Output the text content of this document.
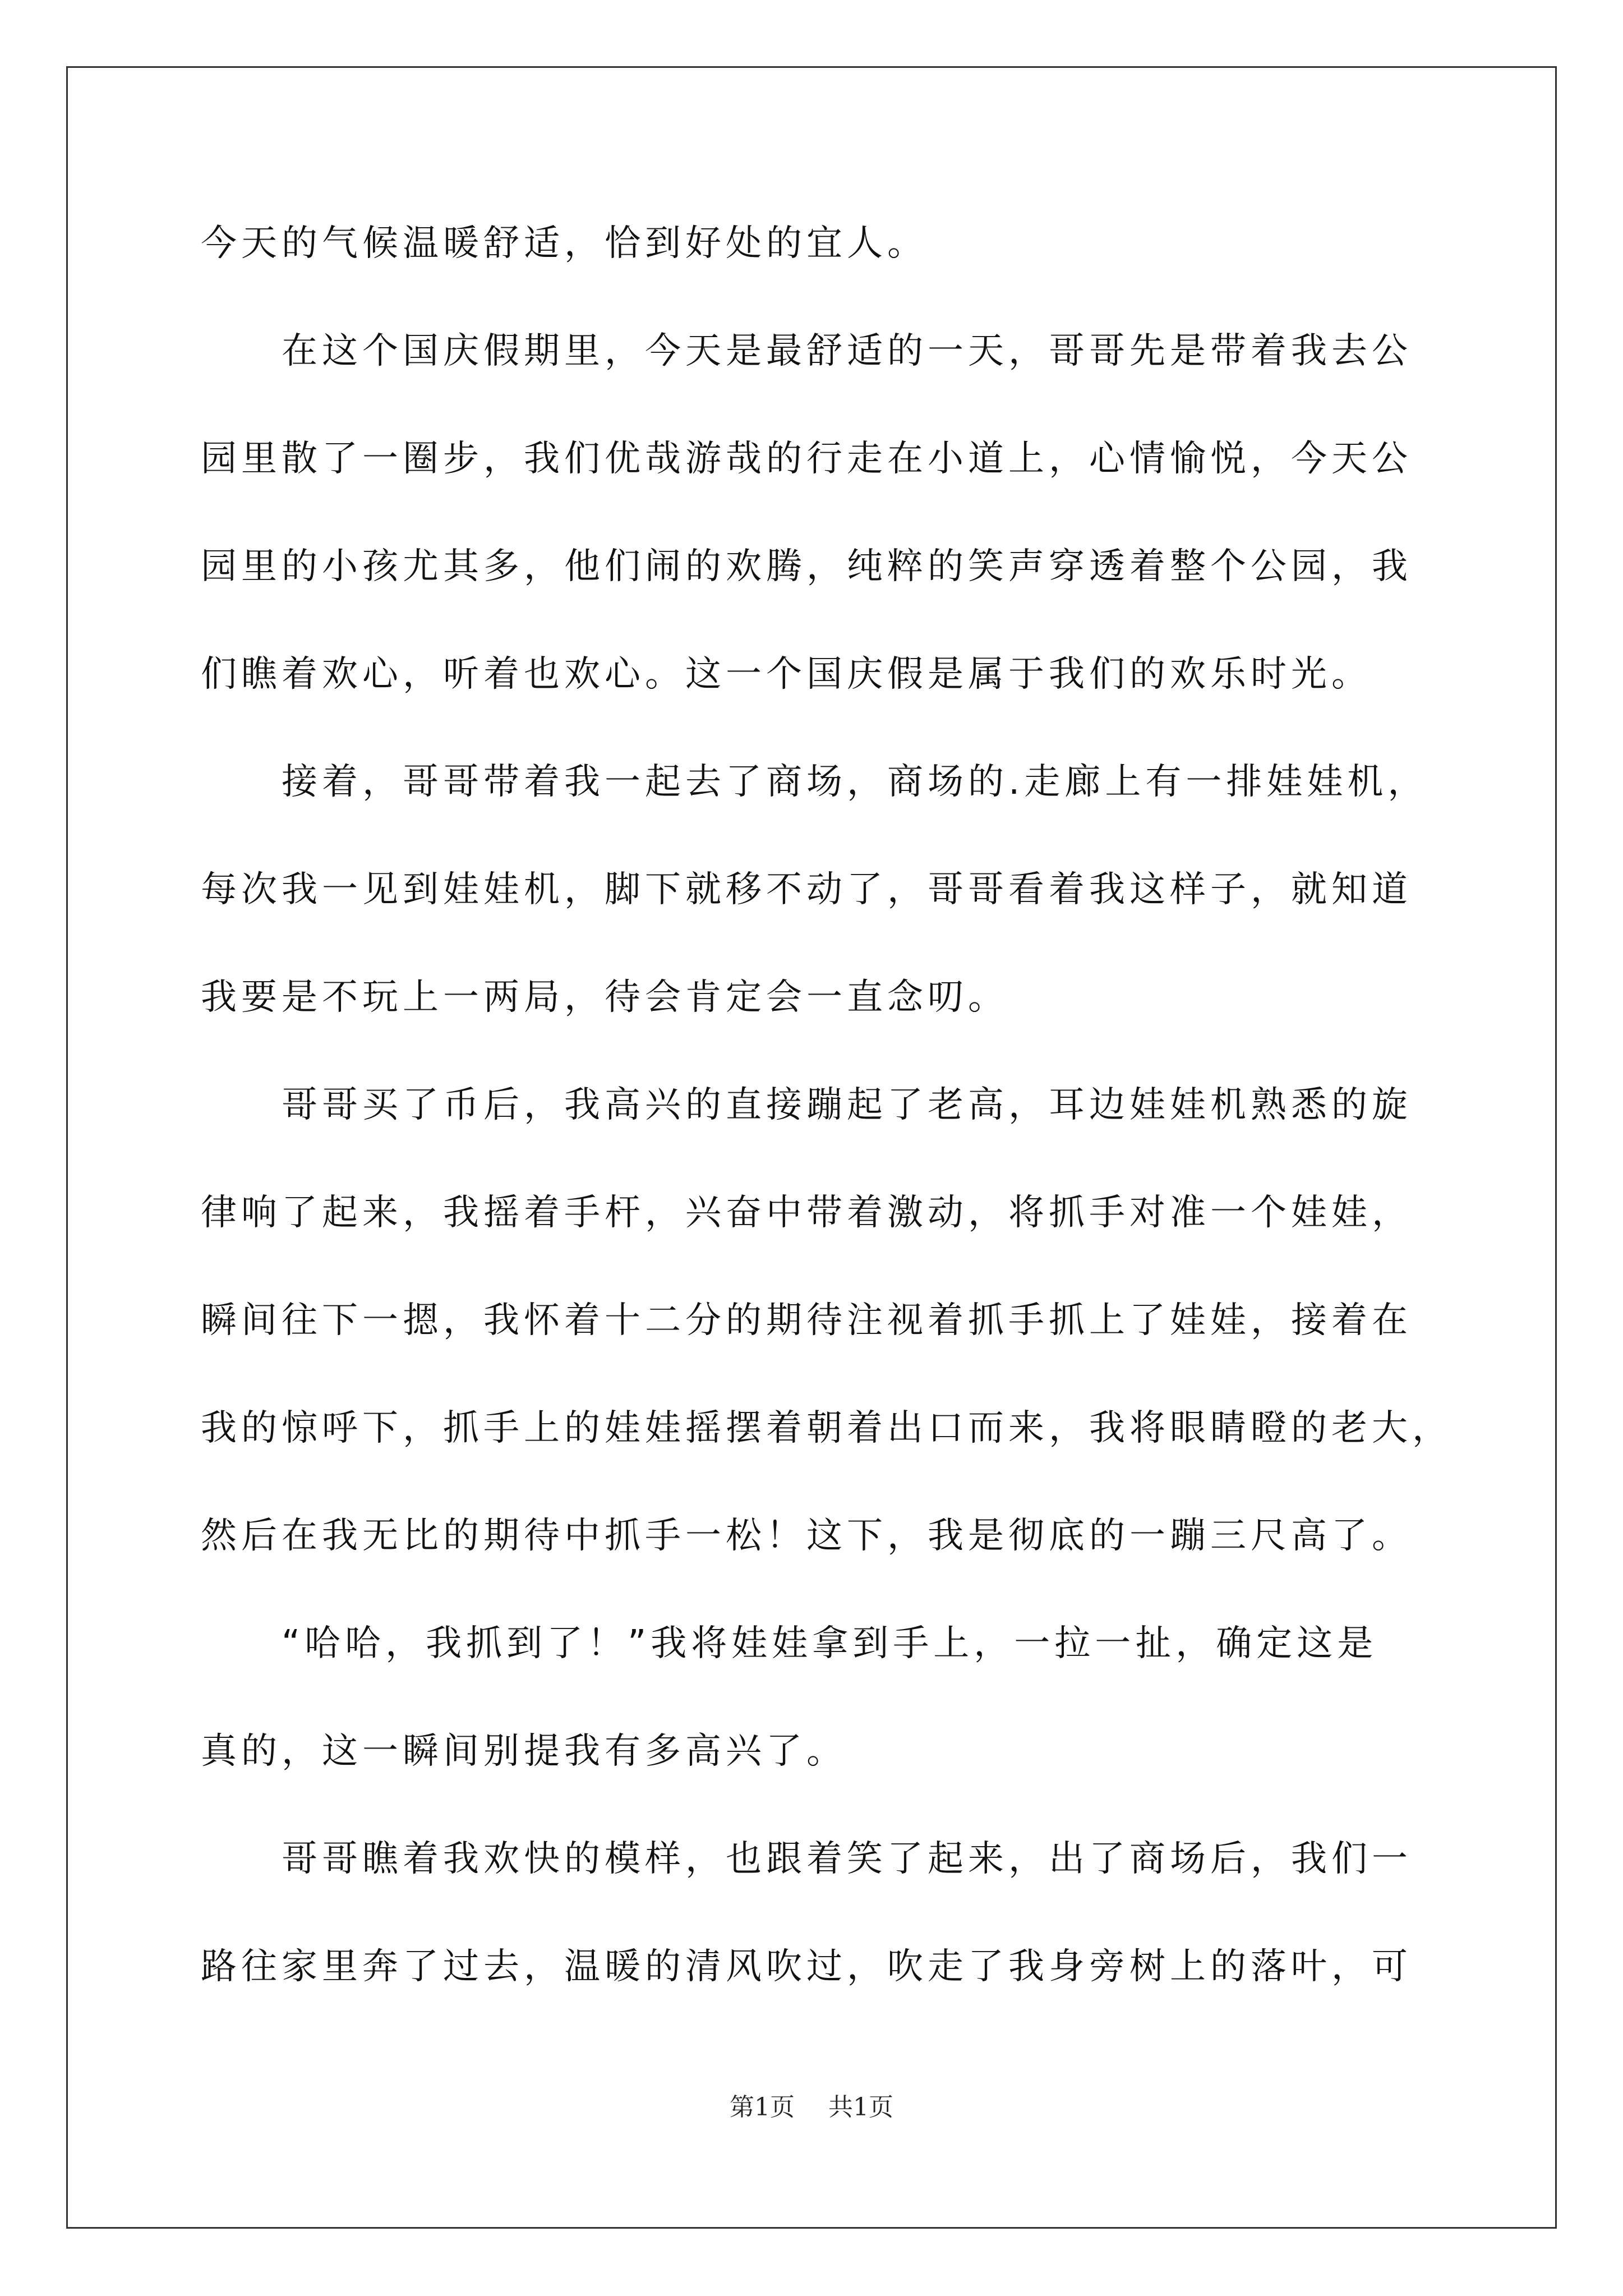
今天的气候温暖舒适，恰到好处的宜人。
　　在这个国庆假期里，今天是最舒适的一天，哥哥先是带着我去公
园里散了一圈步，我们优哉游哉的行走在小道上，心情愉悦，今天公
园里的小孩尤其多，他们闹的欢腾，纯粹的笑声穿透着整个公园，我
们瞧着欢心，听着也欢心。这一个国庆假是属于我们的欢乐时光。
　　接着，哥哥带着我一起去了商场，商场的.走廊上有一排娃娃机，
每次我一见到娃娃机，脚下就移不动了，哥哥看着我这样子，就知道
我要是不玩上一两局，待会肯定会一直念叨。
　　哥哥买了币后，我高兴的直接蹦起了老高，耳边娃娃机熟悉的旋
律响了起来，我摇着手杆，兴奋中带着激动，将抓手对准一个娃娃，
瞬间往下一摁，我怀着十二分的期待注视着抓手抓上了娃娃，接着在
我的惊呼下，抓手上的娃娃摇摆着朝着出口而来，我将眼睛瞪的老大，
然后在我无比的期待中抓手一松！这下，我是彻底的一蹦三尺高了。
　　“哈哈，我抓到了！”我将娃娃拿到手上，一拉一扯，确定这是
真的，这一瞬间别提我有多高兴了。
　　哥哥瞧着我欢快的模样，也跟着笑了起来，出了商场后，我们一
路往家里奔了过去，温暖的清风吹过，吹走了我身旁树上的落叶，可
第1页 共1页
